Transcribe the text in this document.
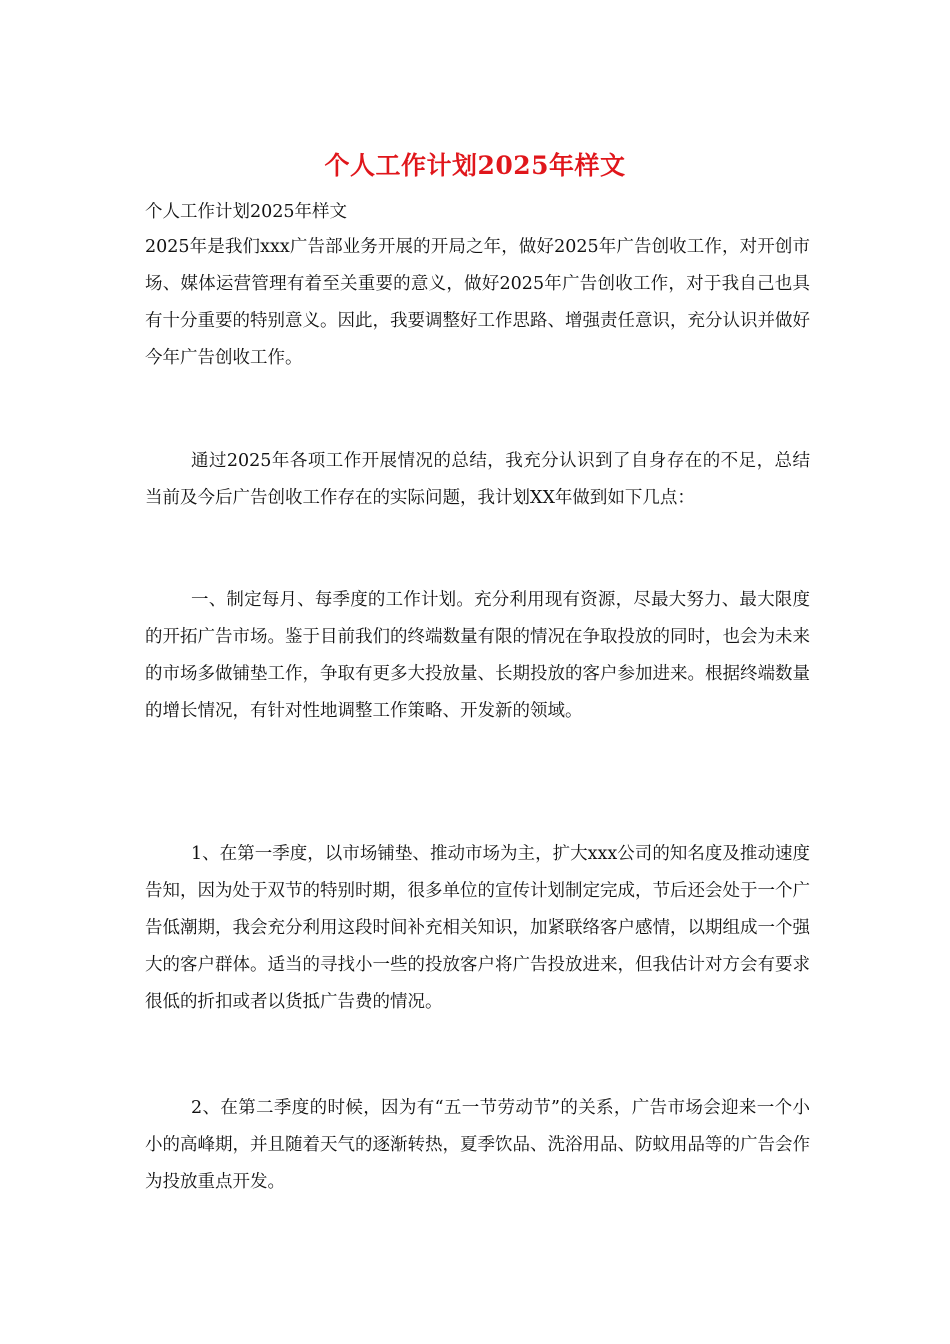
个人工作计划2025年样文
个人工作计划2025年样文
2025年是我们xxx广告部业务开展的开局之年，做好2025年广告创收工作，对开创市场、媒体运营管理有着至关重要的意义，做好2025年广告创收工作，对于我自己也具有十分重要的特别意义。因此，我要调整好工作思路、增强责任意识，充分认识并做好今年广告创收工作。
通过2025年各项工作开展情况的总结，我充分认识到了自身存在的不足，总结当前及今后广告创收工作存在的实际问题，我计划XX年做到如下几点：
一、制定每月、每季度的工作计划。充分利用现有资源，尽最大努力、最大限度的开拓广告市场。鉴于目前我们的终端数量有限的情况在争取投放的同时，也会为未来的市场多做铺垫工作，争取有更多大投放量、长期投放的客户参加进来。根据终端数量的增长情况，有针对性地调整工作策略、开发新的领域。
1、在第一季度，以市场铺垫、推动市场为主，扩大xxx公司的知名度及推动速度告知，因为处于双节的特别时期，很多单位的宣传计划制定完成，节后还会处于一个广告低潮期，我会充分利用这段时间补充相关知识，加紧联络客户感情，以期组成一个强大的客户群体。适当的寻找小一些的投放客户将广告投放进来，但我估计对方会有要求很低的折扣或者以货抵广告费的情况。
2、在第二季度的时候，因为有“五一节劳动节”的关系，广告市场会迎来一个小小的高峰期，并且随着天气的逐渐转热，夏季饮品、洗浴用品、防蚊用品等的广告会作为投放重点开发。
